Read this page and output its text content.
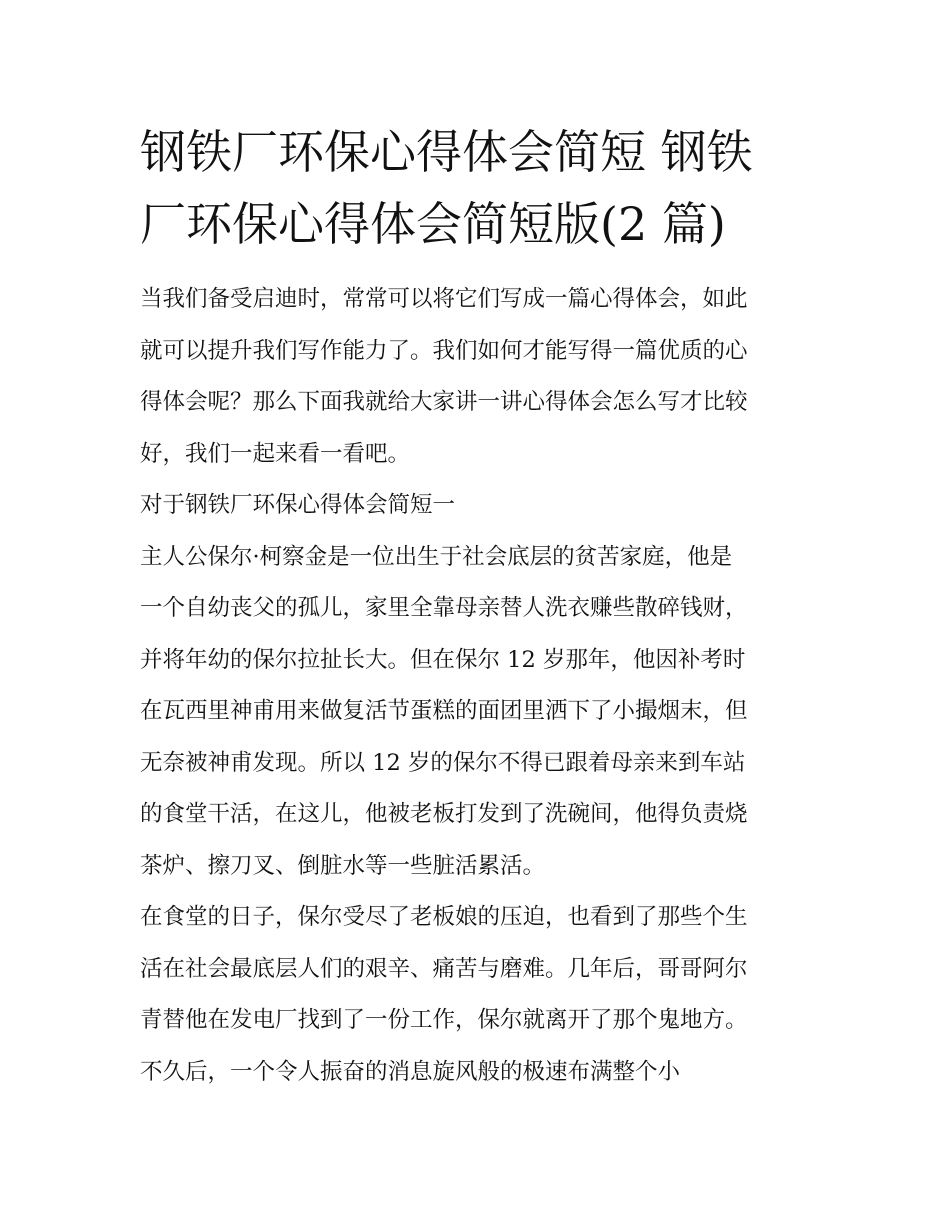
钢铁厂环保心得体会简短 钢铁
厂环保心得体会简短版(2 篇)
当我们备受启迪时，常常可以将它们写成一篇心得体会，如此
就可以提升我们写作能力了。我们如何才能写得一篇优质的心
得体会呢？那么下面我就给大家讲一讲心得体会怎么写才比较
好，我们一起来看一看吧。
对于钢铁厂环保心得体会简短一
主人公保尔·柯察金是一位出生于社会底层的贫苦家庭，他是
一个自幼丧父的孤儿，家里全靠母亲替人洗衣赚些散碎钱财，
并将年幼的保尔拉扯长大。但在保尔 12 岁那年，他因补考时
在瓦西里神甫用来做复活节蛋糕的面团里洒下了小撮烟末，但
无奈被神甫发现。所以 12 岁的保尔不得已跟着母亲来到车站
的食堂干活，在这儿，他被老板打发到了洗碗间，他得负责烧
茶炉、擦刀叉、倒脏水等一些脏活累活。
在食堂的日子，保尔受尽了老板娘的压迫，也看到了那些个生
活在社会最底层人们的艰辛、痛苦与磨难。几年后，哥哥阿尔
青替他在发电厂找到了一份工作，保尔就离开了那个鬼地方。
不久后，一个令人振奋的消息旋风般的极速布满整个小
